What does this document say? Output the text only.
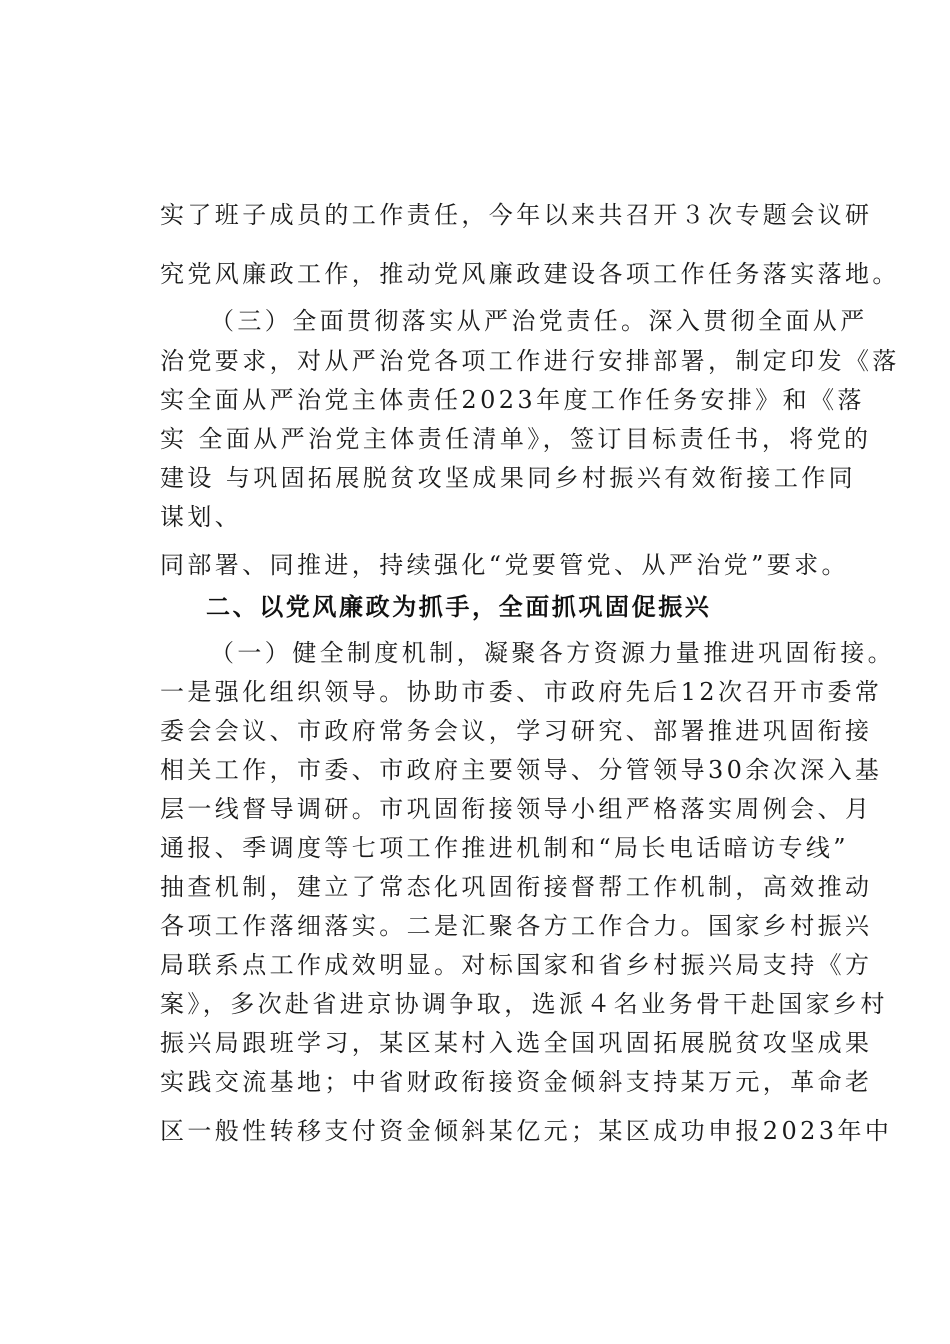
实了班子成员的工作责任，今年以来共召开３次专题会议研

究党风廉政工作，推动党风廉政建设各项工作任务落实落地。

（三）全面贯彻落实从严治党责任。深入贯彻全面从严

治党要求，对从严治党各项工作进行安排部署，制定印发《落

实全面从严治党主体责任2023年度工作任务安排》和《落

实 全面从严治党主体责任清单》，签订目标责任书，将党的

建设 与巩固拓展脱贫攻坚成果同乡村振兴有效衔接工作同

谋划、

同部署、同推进，持续强化“党要管党、从严治党”要求。

二、以党风廉政为抓手，全面抓巩固促振兴

（一）健全制度机制，凝聚各方资源力量推进巩固衔接。

一是强化组织领导。协助市委、市政府先后12次召开市委常

委会会议、市政府常务会议，学习研究、部署推进巩固衔接

相关工作，市委、市政府主要领导、分管领导30余次深入基

层一线督导调研。市巩固衔接领导小组严格落实周例会、月

通报、季调度等七项工作推进机制和“局长电话暗访专线”

抽查机制，建立了常态化巩固衔接督帮工作机制，高效推动

各项工作落细落实。二是汇聚各方工作合力。国家乡村振兴

局联系点工作成效明显。对标国家和省乡村振兴局支持《方

案》，多次赴省进京协调争取，选派４名业务骨干赴国家乡村

振兴局跟班学习，某区某村入选全国巩固拓展脱贫攻坚成果

实践交流基地；中省财政衔接资金倾斜支持某万元，革命老

区一般性转移支付资金倾斜某亿元；某区成功申报2023年中
